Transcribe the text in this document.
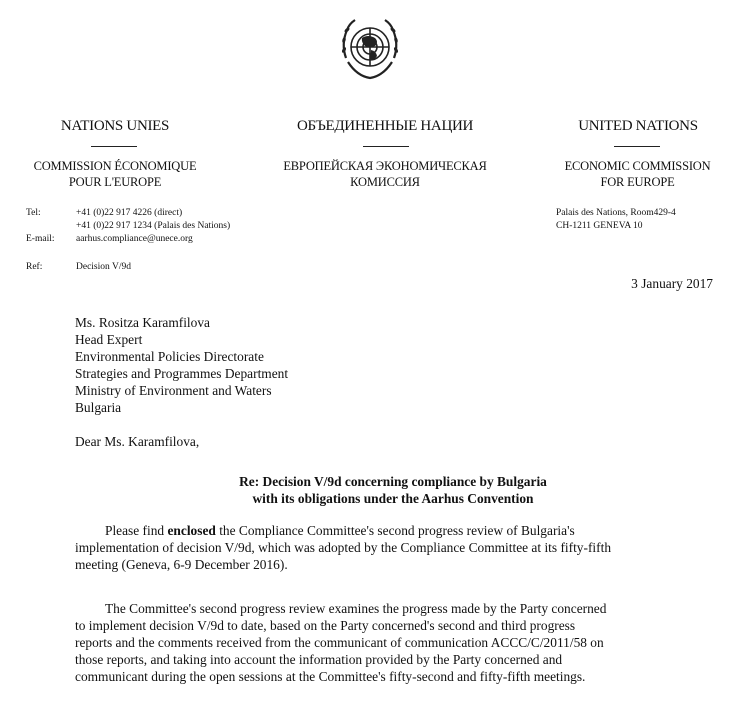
NATIONS UNIES	ОБЪЕДИНЕННЫЕ НАЦИИ	UNITED NATIONS
COMMISSION ÉCONOMIQUE
POUR L'EUROPE
ЕВРОПЕЙСКАЯ ЭКОНОМИЧЕСКАЯ
КОМИССИЯ
ECONOMIC COMMISSION
FOR EUROPE
Tel:	+41 (0)22 917 4226 (direct)
+41 (0)22 917 1234 (Palais des Nations)
E-mail: aarhus.compliance@unece.org
Palais des Nations, Room429-4
CH-1211 GENEVA 10
Ref:	Decision V/9d
3 January 2017
Ms. Rositza Karamfilova
Head Expert
Environmental Policies Directorate
Strategies and Programmes Department
Ministry of Environment and Waters
Bulgaria
Dear Ms. Karamfilova,
Re: Decision V/9d concerning compliance by Bulgaria
with its obligations under the Aarhus Convention
Please find enclosed the Compliance Committee's second progress review of Bulgaria's
implementation of decision V/9d, which was adopted by the Compliance Committee at its fifty-fifth
meeting (Geneva, 6-9 December 2016).
The Committee's second progress review examines the progress made by the Party concerned
to implement decision V/9d to date, based on the Party concerned's second and third progress
reports and the comments received from the communicant of communication ACCC/C/2011/58 on
those reports, and taking into account the information provided by the Party concerned and
communicant during the open sessions at the Committee's fifty-second and fifty-fifth meetings.
